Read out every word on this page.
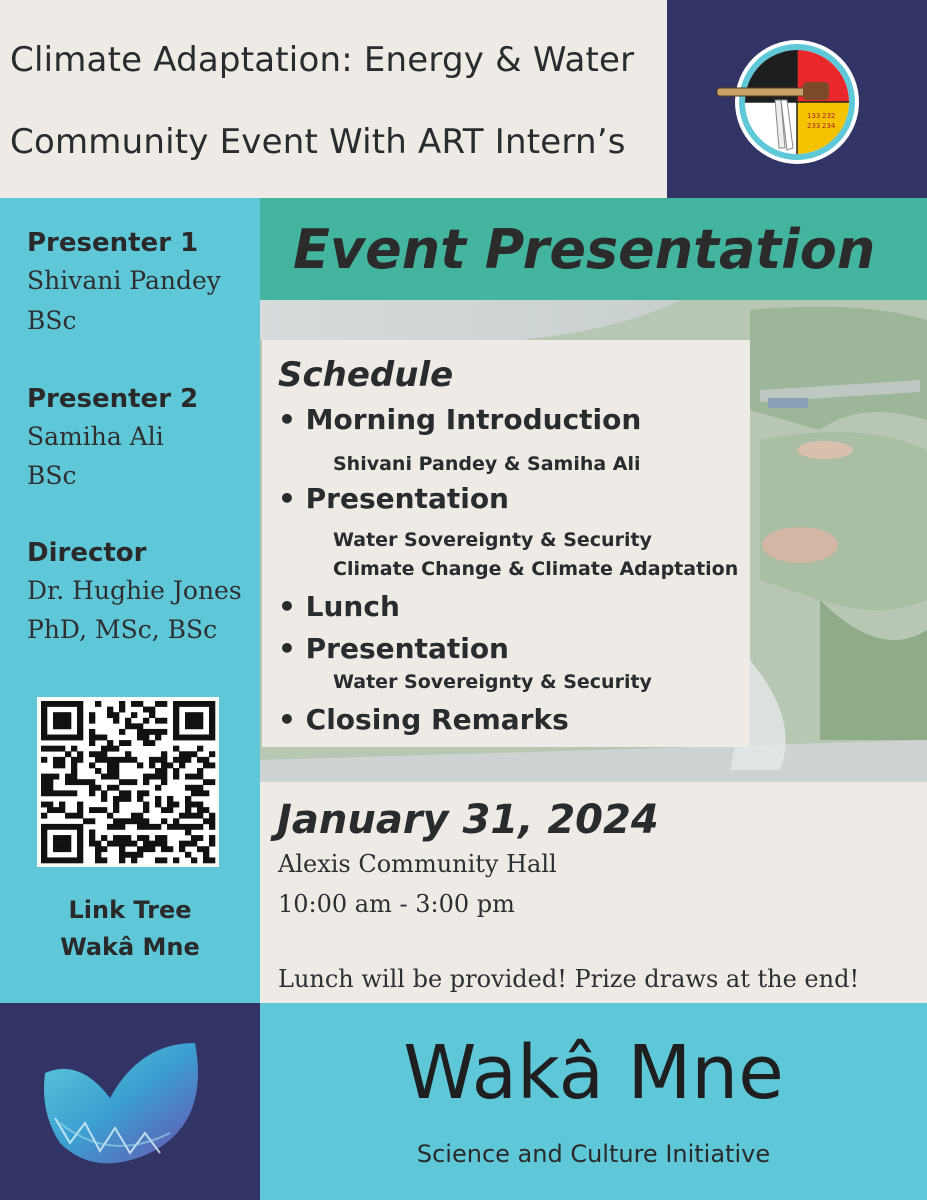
Climate Adaptation: Energy & Water
Community Event With ART Intern’s
133 232
233 234
Presenter 1
Shivani Pandey
BSc
Presenter 2
Samiha Ali
BSc
Director
Dr. Hughie Jones
PhD, MSc, BSc
Link Tree
Wakâ Mne
Event Presentation
Schedule
• Morning Introduction
Shivani Pandey & Samiha Ali
• Presentation
Water Sovereignty & Security
Climate Change & Climate Adaptation
• Lunch
• Presentation
Water Sovereignty & Security
• Closing Remarks
January 31, 2024
Alexis Community Hall
10:00 am - 3:00 pm
Lunch will be provided! Prize draws at the end!
Wakâ Mne
Science and Culture Initiative
